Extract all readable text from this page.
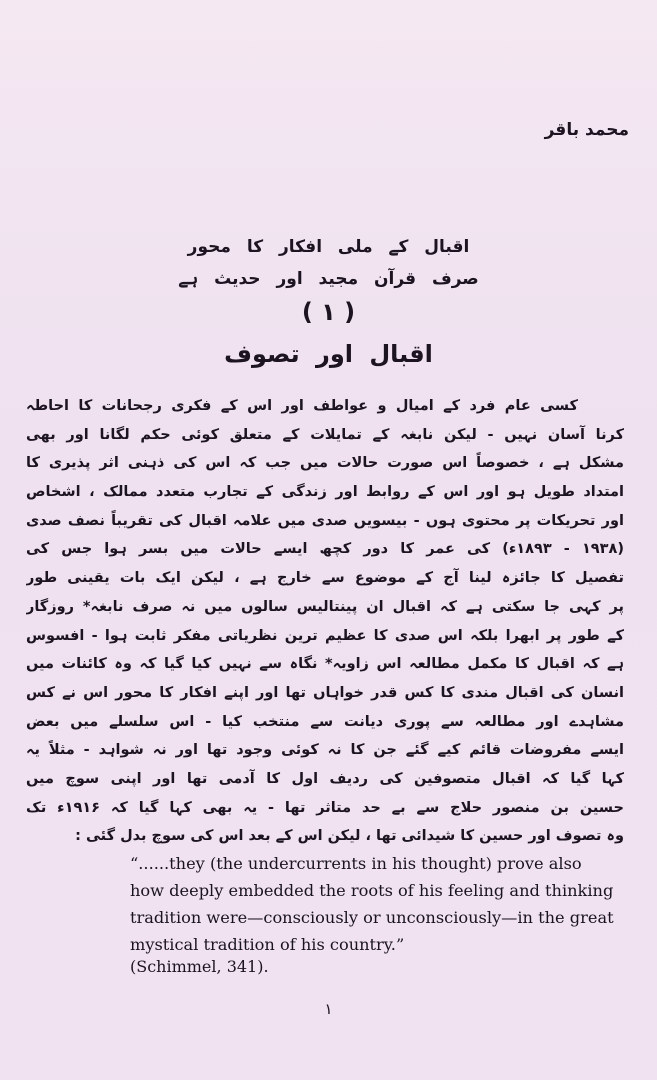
محمد باقر
اقبال کے ملی افکار کا محور
صرف قرآن مجید اور حدیث ہے
( ۱ )
اقبال اور تصوف
کسی عام فرد کے امیال و عواطف اور اس کے فکری رجحانات کا احاطہ
کرنا آسان نہیں - لیکن نابغہ کے تمایلات کے متعلق کوئی حکم لگانا اور بھی
مشکل ہے ، خصوصاً اس صورت حالات میں جب کہ اس کی ذہنی اثر پذیری کا
امتداد طویل ہو اور اس کے روابط اور زندگی کے تجارب متعدد ممالک ، اشخاص
اور تحریکات پر محتوی ہوں - بیسویں صدی میں علامہ اقبال کی تقریباً نصف صدی
(۱۹۳۸ - ۱۸۹۳ء) کی عمر کا دور کچھ ایسے حالات میں بسر ہوا جس کی
تفصیل کا جائزہ لینا آج کے موضوع سے خارج ہے ، لیکن ایک بات یقینی طور
پر کہی جا سکتی ہے کہ اقبال ان پینتالیس سالوں میں نہ صرف نابغہ* روزگار
کے طور پر ابھرا بلکہ اس صدی کا عظیم ترین نظریاتی مفکر ثابت ہوا - افسوس
ہے کہ اقبال کا مکمل مطالعہ اس زاویہ* نگاہ سے نہیں کیا گیا کہ وہ کائنات میں
انسان کی اقبال مندی کا کس قدر خواہاں تھا اور اپنے افکار کا محور اس نے کس
مشاہدے اور مطالعہ سے پوری دیانت سے منتخب کیا - اس سلسلے میں بعض
ایسے مفروضات قائم کیے گئے جن کا نہ کوئی وجود تھا اور نہ شواہد - مثلاً یہ
کہا گیا کہ اقبال متصوفین کی ردیف اول کا آدمی تھا اور اپنی سوچ میں
حسین بن منصور حلاج سے بے حد متاثر تھا - یہ بھی کہا گیا کہ ۱۹۱۶ء تک
وہ تصوف اور حسین کا شیدائی تھا ، لیکن اس کے بعد اس کی سوچ بدل گئی :

“......they (the undercurrents in his thought) prove also

how deeply embedded the roots of his feeling and thinking

tradition were—consciously or unconsciously—in the great

mystical tradition of his country.”

(Schimmel, 341).
۱
